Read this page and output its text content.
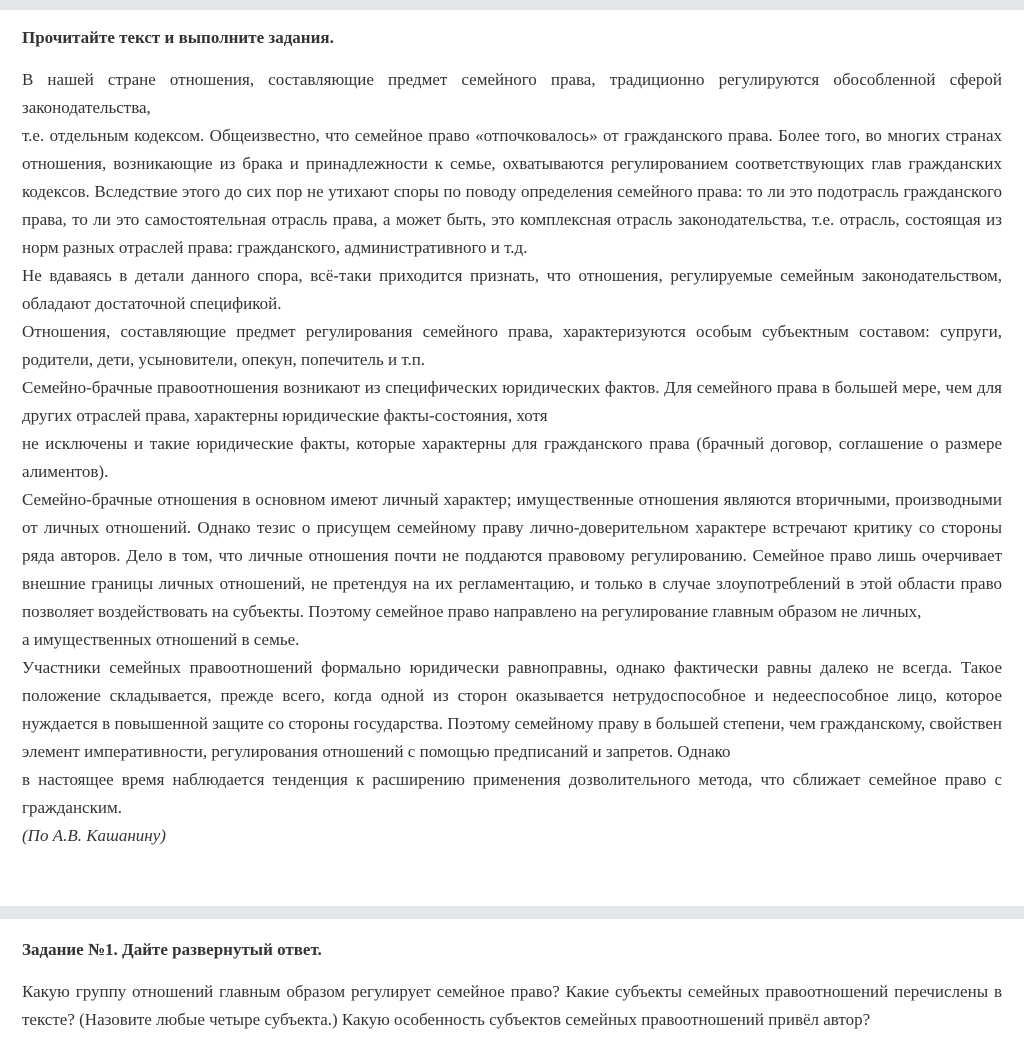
Прочитайте текст и выполните задания.

В нашей стране отношения, составляющие предмет семейного права, традиционно регулируются обособленной сферой законодательства,

т.е. отдельным кодексом. Общеизвестно, что семейное право «отпочковалось» от гражданского права. Более того, во многих странах отношения, возникающие из брака и принадлежности к семье, охватываются регулированием соответствующих глав гражданских кодексов. Вследствие этого до сих пор не утихают споры по поводу определения семейного права: то ли это подотрасль гражданского права, то ли это самостоятельная отрасль права, а может быть, это комплексная отрасль законодательства, т.е. отрасль, состоящая из норм разных отраслей права: гражданского, административного и т.д.

Не вдаваясь в детали данного спора, всё-таки приходится признать, что отношения, регулируемые семейным законодательством, обладают достаточной спецификой.

Отношения, составляющие предмет регулирования семейного права, характеризуются особым субъектным составом: супруги, родители, дети, усыновители, опекун, попечитель и т.п.

Семейно-брачные правоотношения возникают из специфических юридических фактов. Для семейного права в большей мере, чем для других отраслей права, характерны юридические факты-состояния, хотя

не исключены и такие юридические факты, которые характерны для гражданского права (брачный договор, соглашение о размере алиментов).

Семейно-брачные отношения в основном имеют личный характер; имущественные отношения являются вторичными, производными от личных отношений. Однако тезис о присущем семейному праву лично-доверительном характере встречают критику со стороны ряда авторов. Дело в том, что личные отношения почти не поддаются правовому регулированию. Семейное право лишь очерчивает внешние границы личных отношений, не претендуя на их регламентацию, и только в случае злоупотреблений в этой области право позволяет воздействовать на субъекты. Поэтому семейное право направлено на регулирование главным образом не личных,

а имущественных отношений в семье.

Участники семейных правоотношений формально юридически равноправны, однако фактически равны далеко не всегда. Такое положение складывается, прежде всего, когда одной из сторон оказывается нетрудоспособное и недееспособное лицо, которое нуждается в повышенной защите со стороны государства. Поэтому семейному праву в большей степени, чем гражданскому, свойствен элемент императивности, регулирования отношений с помощью предписаний и запретов. Однако

в настоящее время наблюдается тенденция к расширению применения дозволительного метода, что сближает семейное право с гражданским.

(По А.В. Кашанину)

Задание №1. Дайте развернутый ответ.

Какую группу отношений главным образом регулирует семейное право? Какие субъекты семейных правоотношений перечислены в тексте? (Назовите любые четыре субъекта.) Какую особенность субъектов семейных правоотношений привёл автор?
